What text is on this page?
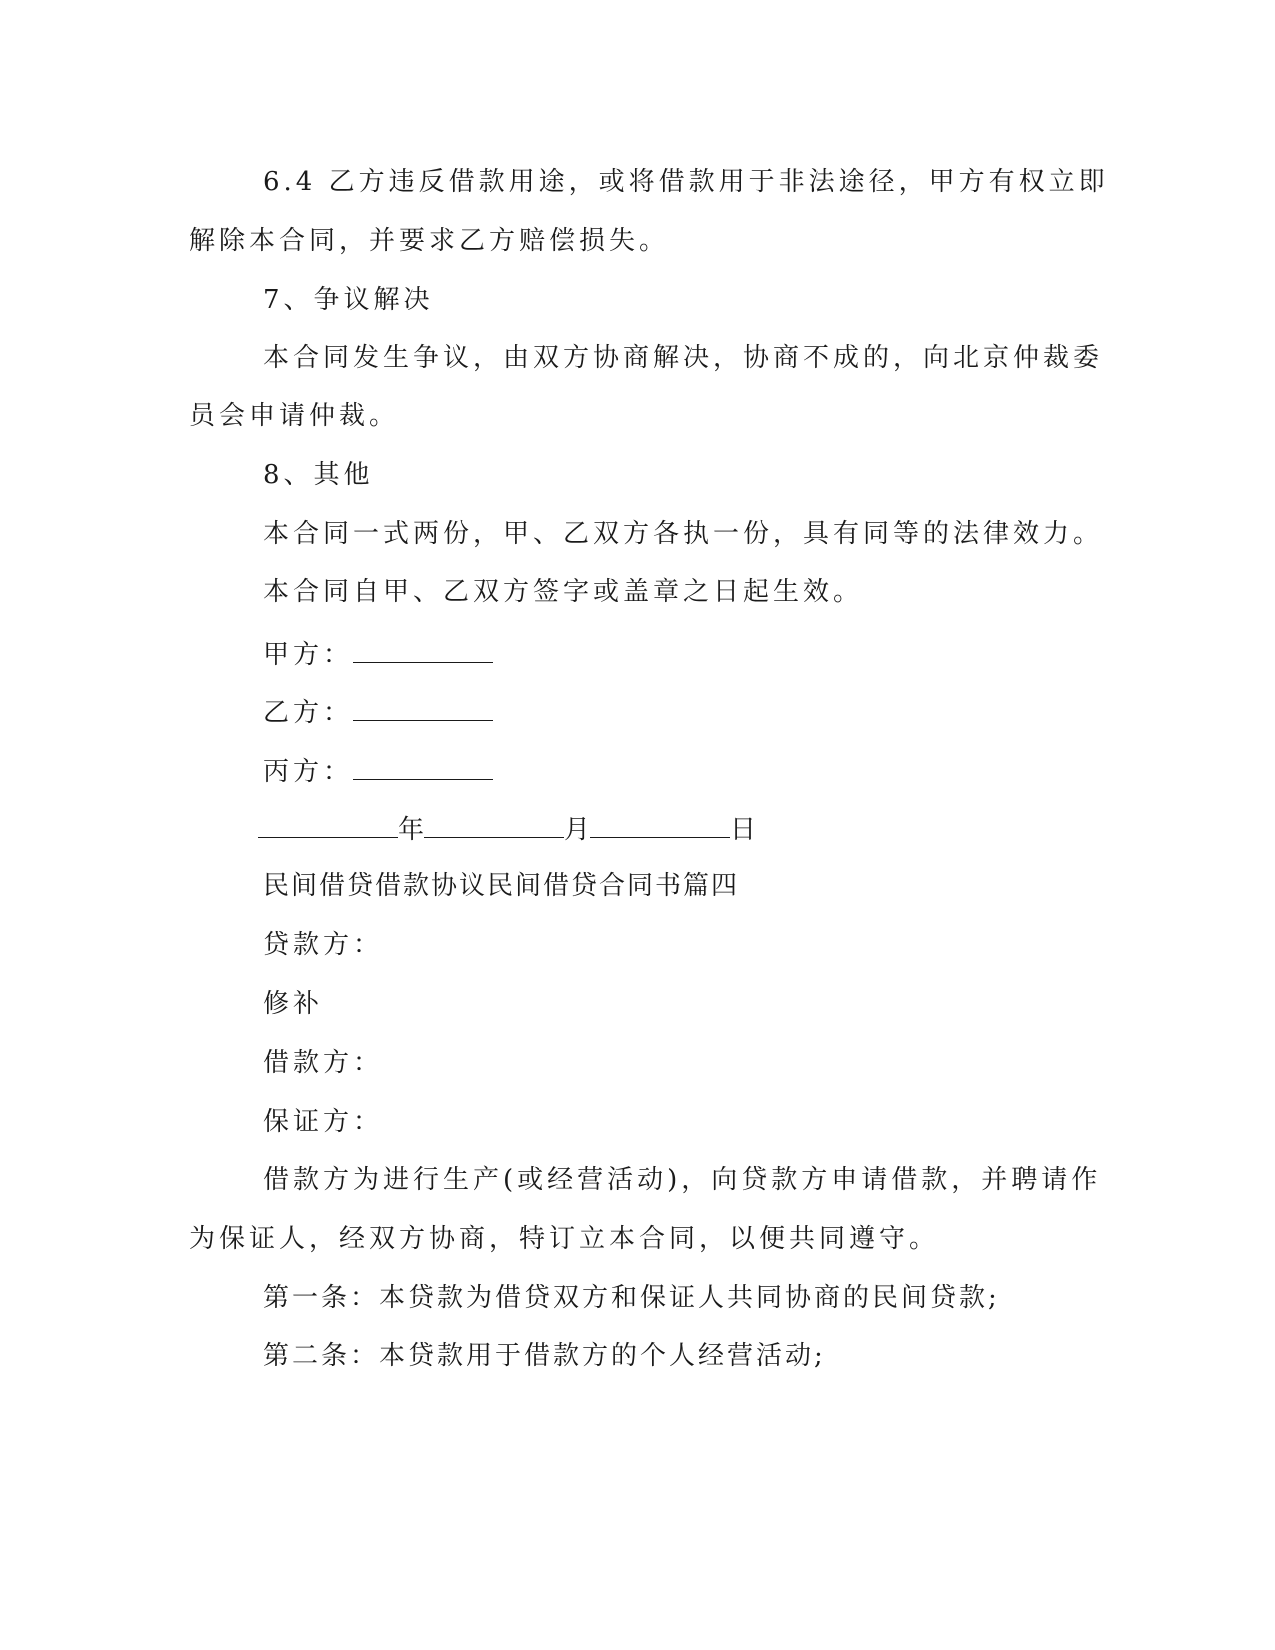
6.4 乙方违反借款用途，或将借款用于非法途径，甲方有权立即
解除本合同，并要求乙方赔偿损失。
7、争议解决
本合同发生争议，由双方协商解决，协商不成的，向北京仲裁委
员会申请仲裁。
8、其他
本合同一式两份，甲、乙双方各执一份，具有同等的法律效力。
本合同自甲、乙双方签字或盖章之日起生效。
甲方：
乙方：
丙方：
年	月	日
民间借贷借款协议民间借贷合同书篇四
贷款方：
修补
借款方：
保证方：
借款方为进行生产(或经营活动)，向贷款方申请借款，并聘请作
为保证人，经双方协商，特订立本合同，以便共同遵守。
第一条：本贷款为借贷双方和保证人共同协商的民间贷款;
第二条：本贷款用于借款方的个人经营活动;
